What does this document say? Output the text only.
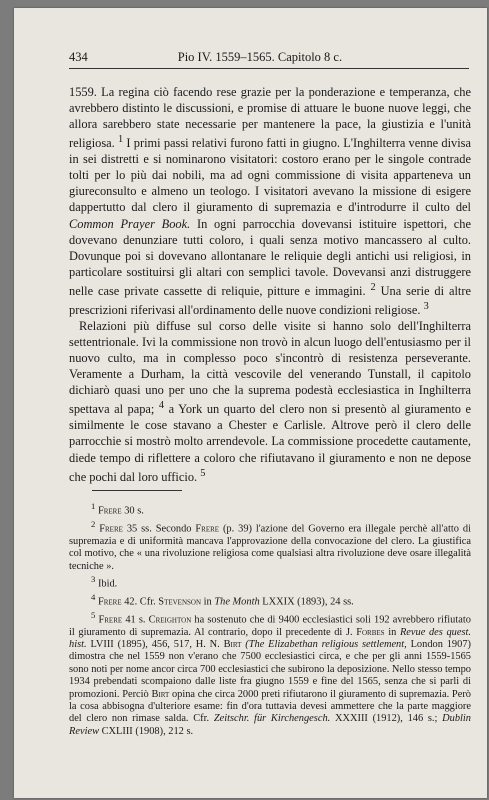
434	Pio IV. 1559–1565. Capitolo 8 c.

1559. La regina ciò facendo rese grazie per la ponderazione e temperanza, che avrebbero distinto le discussioni, e promise di attuare le buone nuove leggi, che allora sarebbero state necessarie per mantenere la pace, la giustizia e l'unità religiosa. $^1$ I primi passi relativi furono fatti in giugno. L'Inghilterra venne divisa in sei distretti e si nominarono visitatori: costoro erano per le singole contrade tolti per lo più dai nobili, ma ad ogni commissione di visita apparteneva un giureconsulto e almeno un teologo. I visitatori avevano la missione di esigere dappertutto dal clero il giuramento di supremazia e d'introdurre il culto del Common Prayer Book. In ogni parrocchia dovevansi istituire ispettori, che dovevano denunziare tutti coloro, i quali senza motivo mancassero al culto. Dovunque poi si dovevano allontanare le reliquie degli antichi usi religiosi, in particolare sostituirsi gli altari con semplici tavole. Dovevansi anzi distruggere nelle case private cassette di reliquie, pitture e immagini. $^2$ Una serie di altre prescrizioni riferivasi all'ordinamento delle nuove condizioni religiose. $^3$

Relazioni più diffuse sul corso delle visite si hanno solo dell'Inghilterra settentrionale. Ivi la commissione non trovò in alcun luogo dell'entusiasmo per il nuovo culto, ma in complesso poco s'incontrò di resistenza perseverante. Veramente a Durham, la città vescovile del venerando Tunstall, il capitolo dichiarò quasi uno per uno che la suprema podestà ecclesiastica in Inghilterra spettava al papa; $^4$ a York un quarto del clero non si presentò al giuramento e similmente le cose stavano a Chester e Carlisle. Altrove però il clero delle parrocchie si mostrò molto arrendevole. La commissione procedette cautamente, diede tempo di riflettere a coloro che rifiutavano il giuramento e non ne depose che pochi dal loro ufficio. $^5$

$^1$ Frere 30 s.

$^2$ Frere 35 ss. Secondo Frere (p. 39) l'azione del Governo era illegale perchè all'atto di supremazia e di uniformità mancava l'approvazione della convocazione del clero. La giustifica col motivo, che « una rivoluzione religiosa come qualsiasi altra rivoluzione deve osare illegalità tecniche ».

$^3$ Ibid.

$^4$ Frere 42. Cfr. Stevenson in The Month LXXIX (1893), 24 ss.

$^5$ Frere 41 s. Creighton ha sostenuto che di 9400 ecclesiastici soli 192 avrebbero rifiutato il giuramento di supremazia. Al contrario, dopo il precedente di J. Forbes in Revue des quest. hist. LVIII (1895), 456, 517, H. N. Birt (The Elizabethan religious settlement, London 1907) dimostra che nel 1559 non v'erano che 7500 ecclesiastici circa, e che per gli anni 1559-1565 sono noti per nome ancor circa 700 ecclesiastici che subirono la deposizione. Nello stesso tempo 1934 prebendati scompaiono dalle liste fra giugno 1559 e fine del 1565, senza che si parli di promozioni. Perciò Birt opina che circa 2000 preti rifiutarono il giuramento di supremazia. Però la cosa abbisogna d'ulteriore esame: fin d'ora tuttavia devesi ammettere che la parte maggiore del clero non rimase salda. Cfr. Zeitschr. für Kirchengesch. XXXIII (1912), 146 s.; Dublin Review CXLIII (1908), 212 s.
